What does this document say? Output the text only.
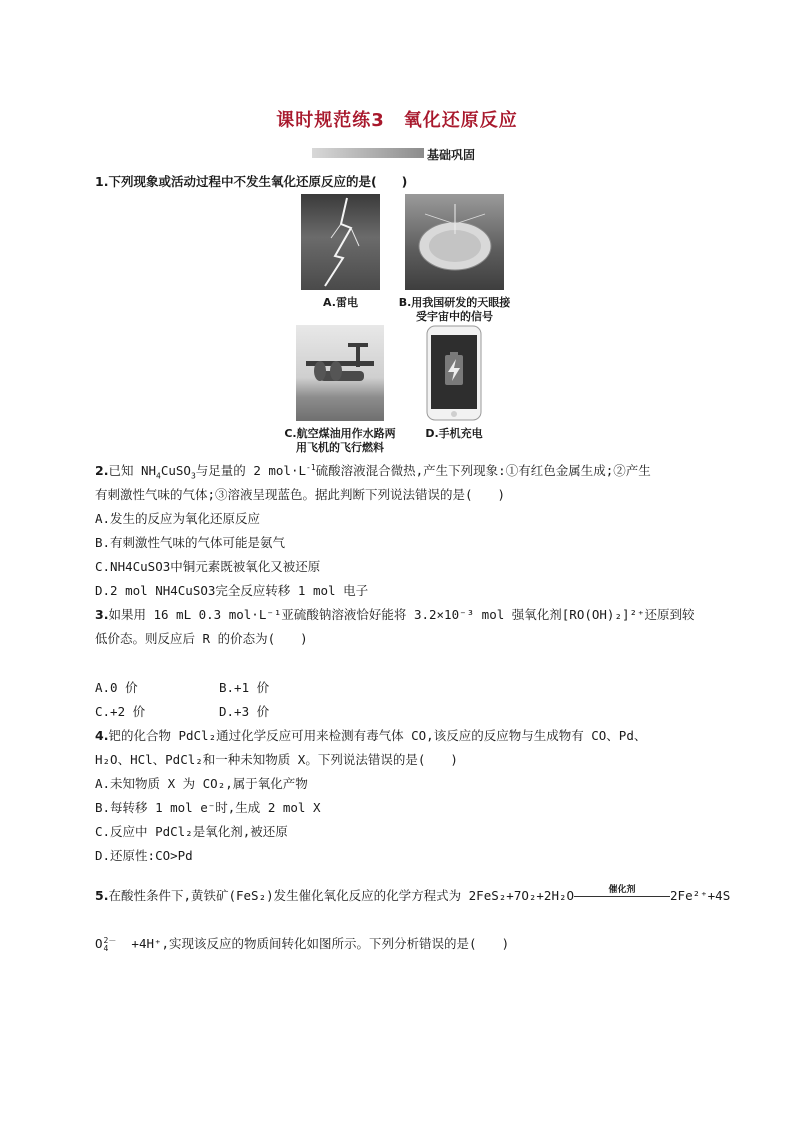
课时规范练3　氧化还原反应
基础巩固
1.下列现象或活动过程中不发生氧化还原反应的是(　　)
A.雷电	B.用我国研发的天眼接
受宇宙中的信号
C.航空煤油用作水路两
用飞机的飞行燃料
D.手机充电
2.已知 $NH_4CuSO_3$与足量的 2 $mol\cdot L^{-1}$硫酸溶液混合微热,产生下列现象:①有红色金属生成;②产生
有刺激性气味的气体;③溶液呈现蓝色。据此判断下列说法错误的是(　　)
A.发生的反应为氧化还原反应
B.有刺激性气味的气体可能是氨气
C.NH4CuSO3中铜元素既被氧化又被还原
D.2 mol NH4CuSO3完全反应转移 1 mol 电子
3.如果用 16 mL 0.3 mol·L⁻¹亚硫酸钠溶液恰好能将 3.2×10⁻³ mol 强氧化剂[RO(OH)₂]²⁺还原到较
低价态。则反应后 R 的价态为(　　)
A.0 价	B.+1 价
C.+2 价	D.+3 价
4.钯的化合物 PdCl₂通过化学反应可用来检测有毒气体 CO,该反应的反应物与生成物有 CO、Pd、
H₂O、HCl、PdCl₂和一种未知物质 X。下列说法错误的是(　　)
A.未知物质 X 为 CO₂,属于氧化产物
B.每转移 1 mol e⁻时,生成 2 mol X
C.反应中 PdCl₂是氧化剂,被还原
D.还原性:CO>Pd
5.在酸性条件下,黄铁矿(FeS₂)发生催化氧化反应的化学方程式为 2FeS₂+7O₂+2H₂O	催化剂	2Fe²⁺+4S
O 2－
4	+4H⁺,实现该反应的物质间转化如图所示。下列分析错误的是(　　)
